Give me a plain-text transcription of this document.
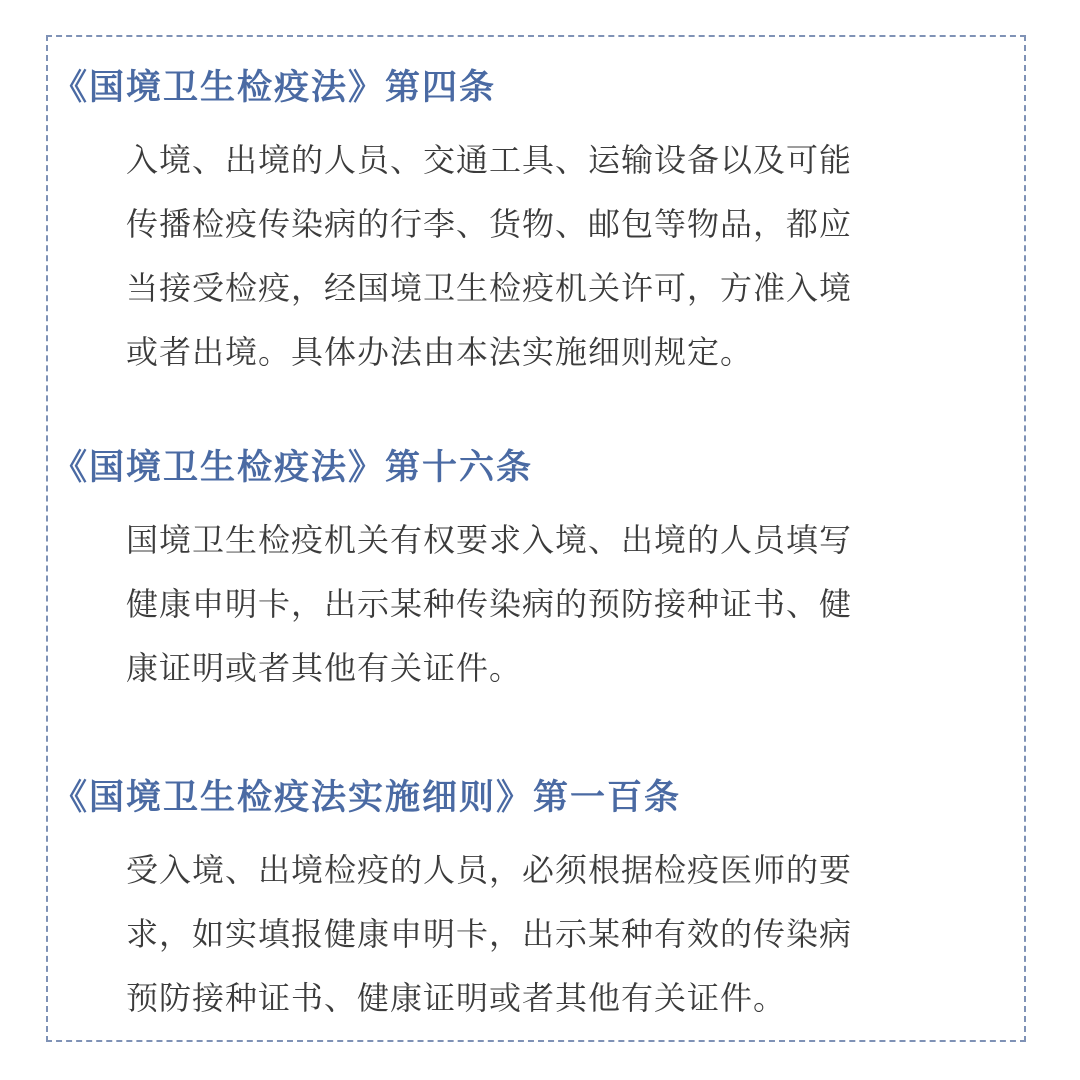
《国境卫生检疫法》第四条
入境、出境的人员、交通工具、运输设备以及可能
传播检疫传染病的行李、货物、邮包等物品，都应
当接受检疫，经国境卫生检疫机关许可，方准入境
或者出境。具体办法由本法实施细则规定。
《国境卫生检疫法》第十六条
国境卫生检疫机关有权要求入境、出境的人员填写
健康申明卡，出示某种传染病的预防接种证书、健
康证明或者其他有关证件。
《国境卫生检疫法实施细则》第一百条
受入境、出境检疫的人员，必须根据检疫医师的要
求，如实填报健康申明卡，出示某种有效的传染病
预防接种证书、健康证明或者其他有关证件。
